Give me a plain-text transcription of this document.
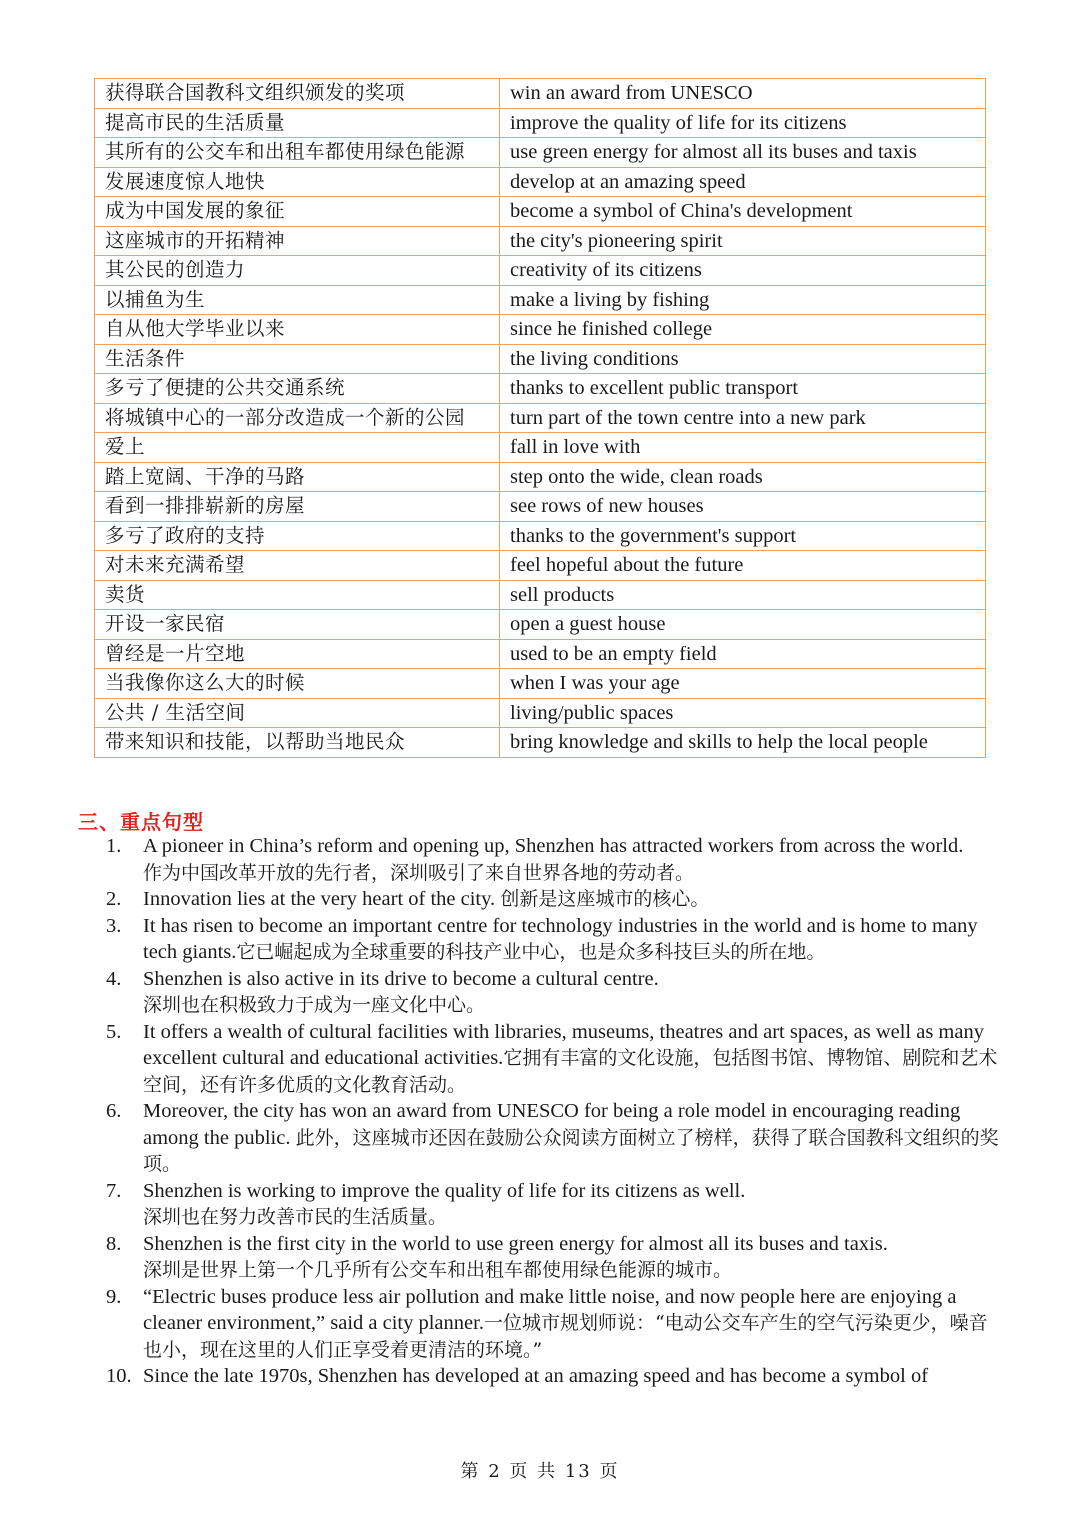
获得联合国教科文组织颁发的奖项	win an award from UNESCO
提高市民的生活质量	improve the quality of life for its citizens
其所有的公交车和出租车都使用绿色能源	use green energy for almost all its buses and taxis
发展速度惊人地快	develop at an amazing speed
成为中国发展的象征	become a symbol of China's development
这座城市的开拓精神	the city's pioneering spirit
其公民的创造力	creativity of its citizens
以捕鱼为生	make a living by fishing
自从他大学毕业以来	since he finished college
生活条件	the living conditions
多亏了便捷的公共交通系统	thanks to excellent public transport
将城镇中心的一部分改造成一个新的公园	turn part of the town centre into a new park
爱上	fall in love with
踏上宽阔、干净的马路	step onto the wide, clean roads
看到一排排崭新的房屋	see rows of new houses
多亏了政府的支持	thanks to the government's support
对未来充满希望	feel hopeful about the future
卖货	sell products
开设一家民宿	open a guest house
曾经是一片空地	used to be an empty field
当我像你这么大的时候	when I was your age
公共 / 生活空间	living/public spaces
带来知识和技能，以帮助当地民众	bring knowledge and skills to help the local people
三、重点句型
1.	A pioneer in China’s reform and opening up, Shenzhen has attracted workers from across the world.
作为中国改革开放的先行者，深圳吸引了来自世界各地的劳动者。
2.	Innovation lies at the very heart of the city. 创新是这座城市的核心。
3.	It has risen to become an important centre for technology industries in the world and is home to many tech giants.它已崛起成为全球重要的科技产业中心，也是众多科技巨头的所在地。
4.	Shenzhen is also active in its drive to become a cultural centre.
深圳也在积极致力于成为一座文化中心。
5.	It offers a wealth of cultural facilities with libraries, museums, theatres and art spaces, as well as many excellent cultural and educational activities.它拥有丰富的文化设施，包括图书馆、博物馆、剧院和艺术空间，还有许多优质的文化教育活动。
6.	Moreover, the city has won an award from UNESCO for being a role model in encouraging reading among the public. 此外，这座城市还因在鼓励公众阅读方面树立了榜样，获得了联合国教科文组织的奖项。
7.	Shenzhen is working to improve the quality of life for its citizens as well.
深圳也在努力改善市民的生活质量。
8.	Shenzhen is the first city in the world to use green energy for almost all its buses and taxis.
深圳是世界上第一个几乎所有公交车和出租车都使用绿色能源的城市。
9.	“Electric buses produce less air pollution and make little noise, and now people here are enjoying a cleaner environment,” said a city planner.一位城市规划师说：“电动公交车产生的空气污染更少，噪音也小，现在这里的人们正享受着更清洁的环境。”
10. Since the late 1970s, Shenzhen has developed at an amazing speed and has become a symbol of
第 2 页 共 13 页
